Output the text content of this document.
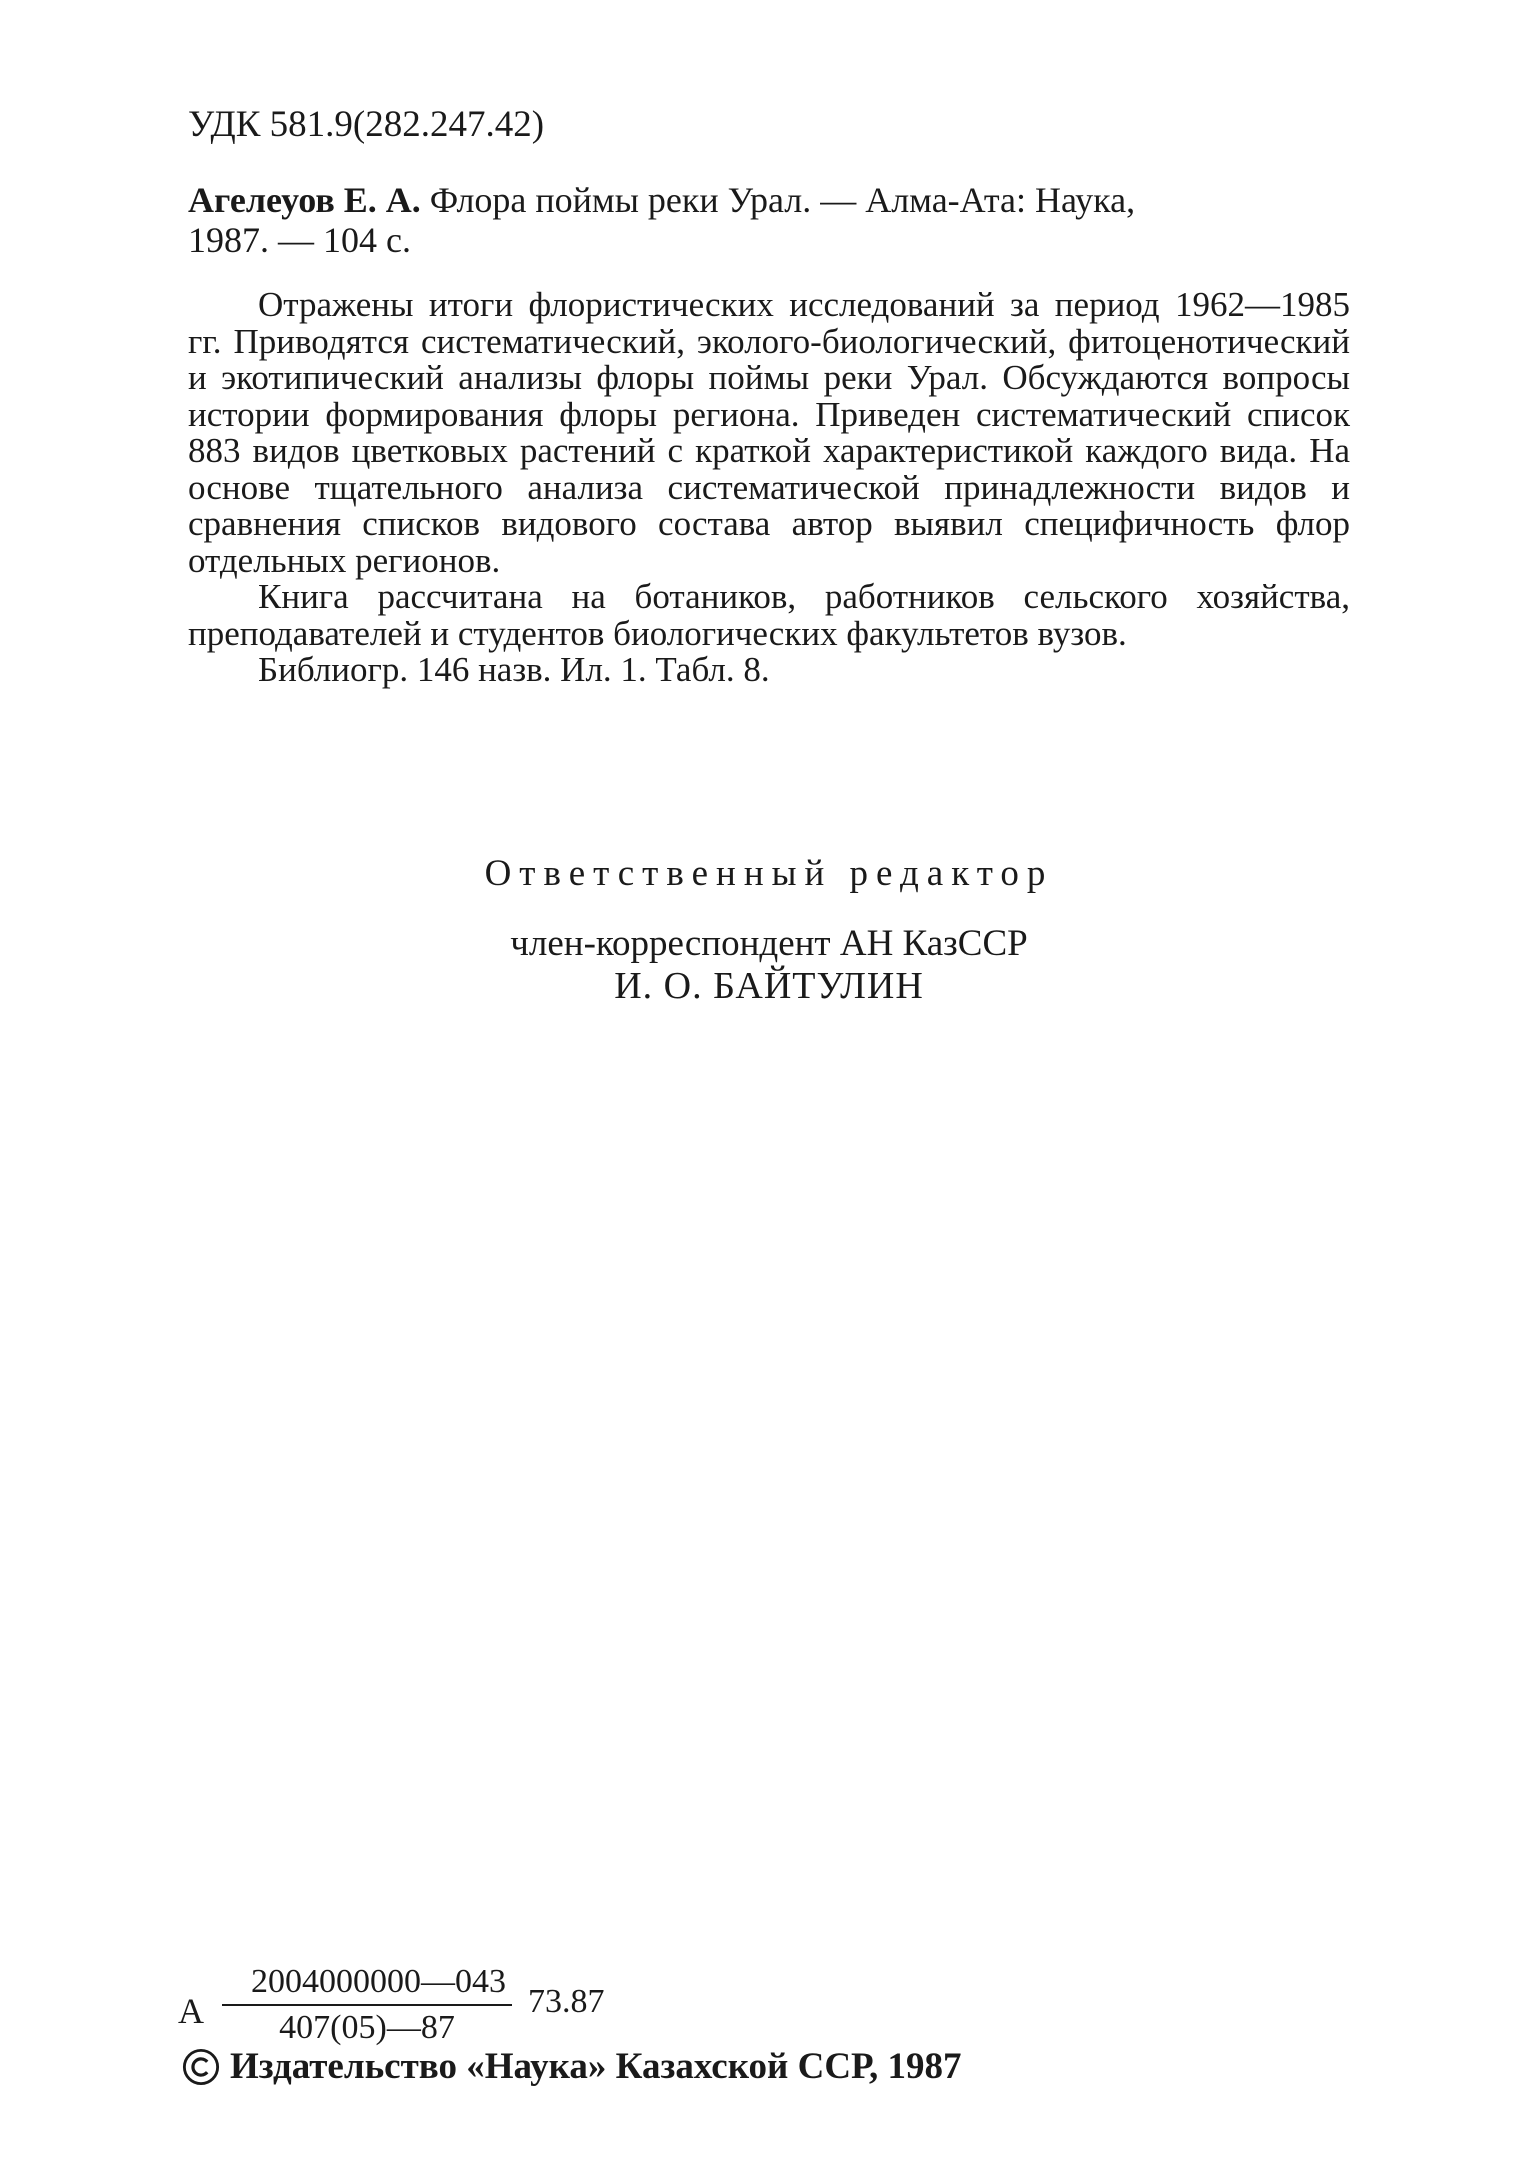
УДК 581.9(282.247.42)
Агелеуов Е. А. Флора поймы реки Урал. — Алма-Ата: Наука,
1987. — 104 с.

Отражены итоги флористических исследований за период 1962—1985 гг. Приводятся систематический, эколого-биологический, фитоценотический и экотипический анализы флоры поймы реки Урал. Обсуждаются вопросы истории формирования флоры региона. Приведен систематический список 883 видов цветковых растений с краткой характеристикой каждого вида. На основе тщательного анализа систематической принадлежности видов и сравнения списков видового состава автор выявил специфичность флор отдельных регионов.

Книга рассчитана на ботаников, работников сельского хозяйства, преподавателей и студентов биологических факультетов вузов.

Библиогр. 146 назв. Ил. 1. Табл. 8.

Ответственный редактор
член-корреспондент АН КазССР
И. О. БАЙТУЛИН
А
2004000000—043
407(05)—87
73.87
Издательство «Наука» Казахской ССР, 1987
